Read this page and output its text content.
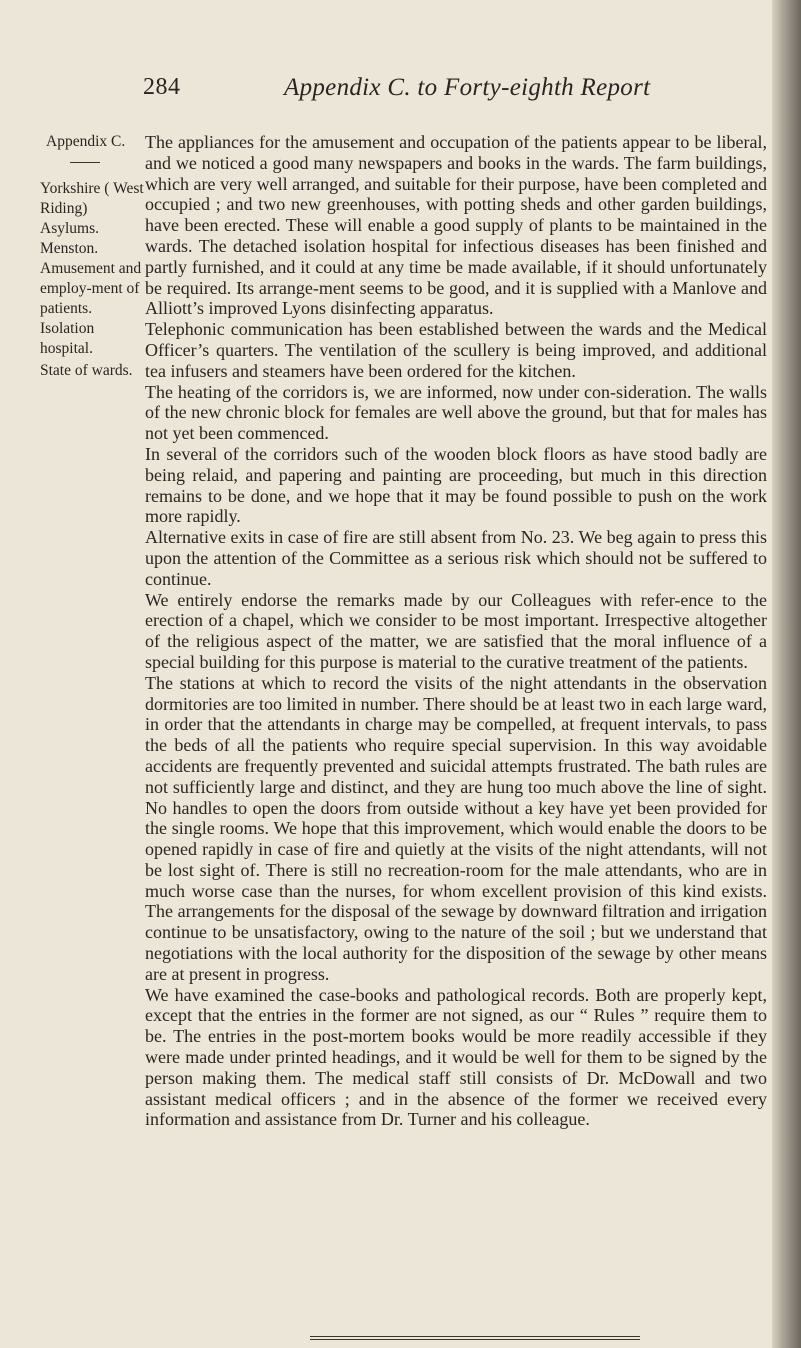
284	Appendix C. to Forty-eighth Report
Appendix C.
Yorkshire ( West Riding) Asylums. Menston.
Amusement and employ-ment of patients.
Isolation hospital.
State of wards.

The appliances for the amusement and occupation of the patients appear to be liberal, and we noticed a good many newspapers and books in the wards. The farm buildings, which are very well arranged, and suitable for their purpose, have been completed and occupied ; and two new greenhouses, with potting sheds and other garden buildings, have been erected. These will enable a good supply of plants to be maintained in the wards. The detached isolation hospital for infectious diseases has been finished and partly furnished, and it could at any time be made available, if it should unfortunately be required. Its arrange-ment seems to be good, and it is supplied with a Manlove and Alliott’s improved Lyons disinfecting apparatus.

Telephonic communication has been established between the wards and the Medical Officer’s quarters. The ventilation of the scullery is being improved, and additional tea infusers and steamers have been ordered for the kitchen.

The heating of the corridors is, we are informed, now under con-sideration. The walls of the new chronic block for females are well above the ground, but that for males has not yet been commenced.

In several of the corridors such of the wooden block floors as have stood badly are being relaid, and papering and painting are proceeding, but much in this direction remains to be done, and we hope that it may be found possible to push on the work more rapidly.

Alternative exits in case of fire are still absent from No. 23. We beg again to press this upon the attention of the Committee as a serious risk which should not be suffered to continue.

We entirely endorse the remarks made by our Colleagues with refer-ence to the erection of a chapel, which we consider to be most important. Irrespective altogether of the religious aspect of the matter, we are satisfied that the moral influence of a special building for this purpose is material to the curative treatment of the patients.

The stations at which to record the visits of the night attendants in the observation dormitories are too limited in number. There should be at least two in each large ward, in order that the attendants in charge may be compelled, at frequent intervals, to pass the beds of all the patients who require special supervision. In this way avoidable accidents are frequently prevented and suicidal attempts frustrated. The bath rules are not sufficiently large and distinct, and they are hung too much above the line of sight. No handles to open the doors from outside without a key have yet been provided for the single rooms. We hope that this improvement, which would enable the doors to be opened rapidly in case of fire and quietly at the visits of the night attendants, will not be lost sight of. There is still no recreation-room for the male attendants, who are in much worse case than the nurses, for whom excellent provision of this kind exists. The arrangements for the disposal of the sewage by downward filtration and irrigation continue to be unsatisfactory, owing to the nature of the soil ; but we understand that negotiations with the local authority for the disposition of the sewage by other means are at present in progress.

We have examined the case-books and pathological records. Both are properly kept, except that the entries in the former are not signed, as our “ Rules ” require them to be. The entries in the post-mortem books would be more readily accessible if they were made under printed headings, and it would be well for them to be signed by the person making them. The medical staff still consists of Dr. McDowall and two assistant medical officers ; and in the absence of the former we received every information and assistance from Dr. Turner and his colleague.
